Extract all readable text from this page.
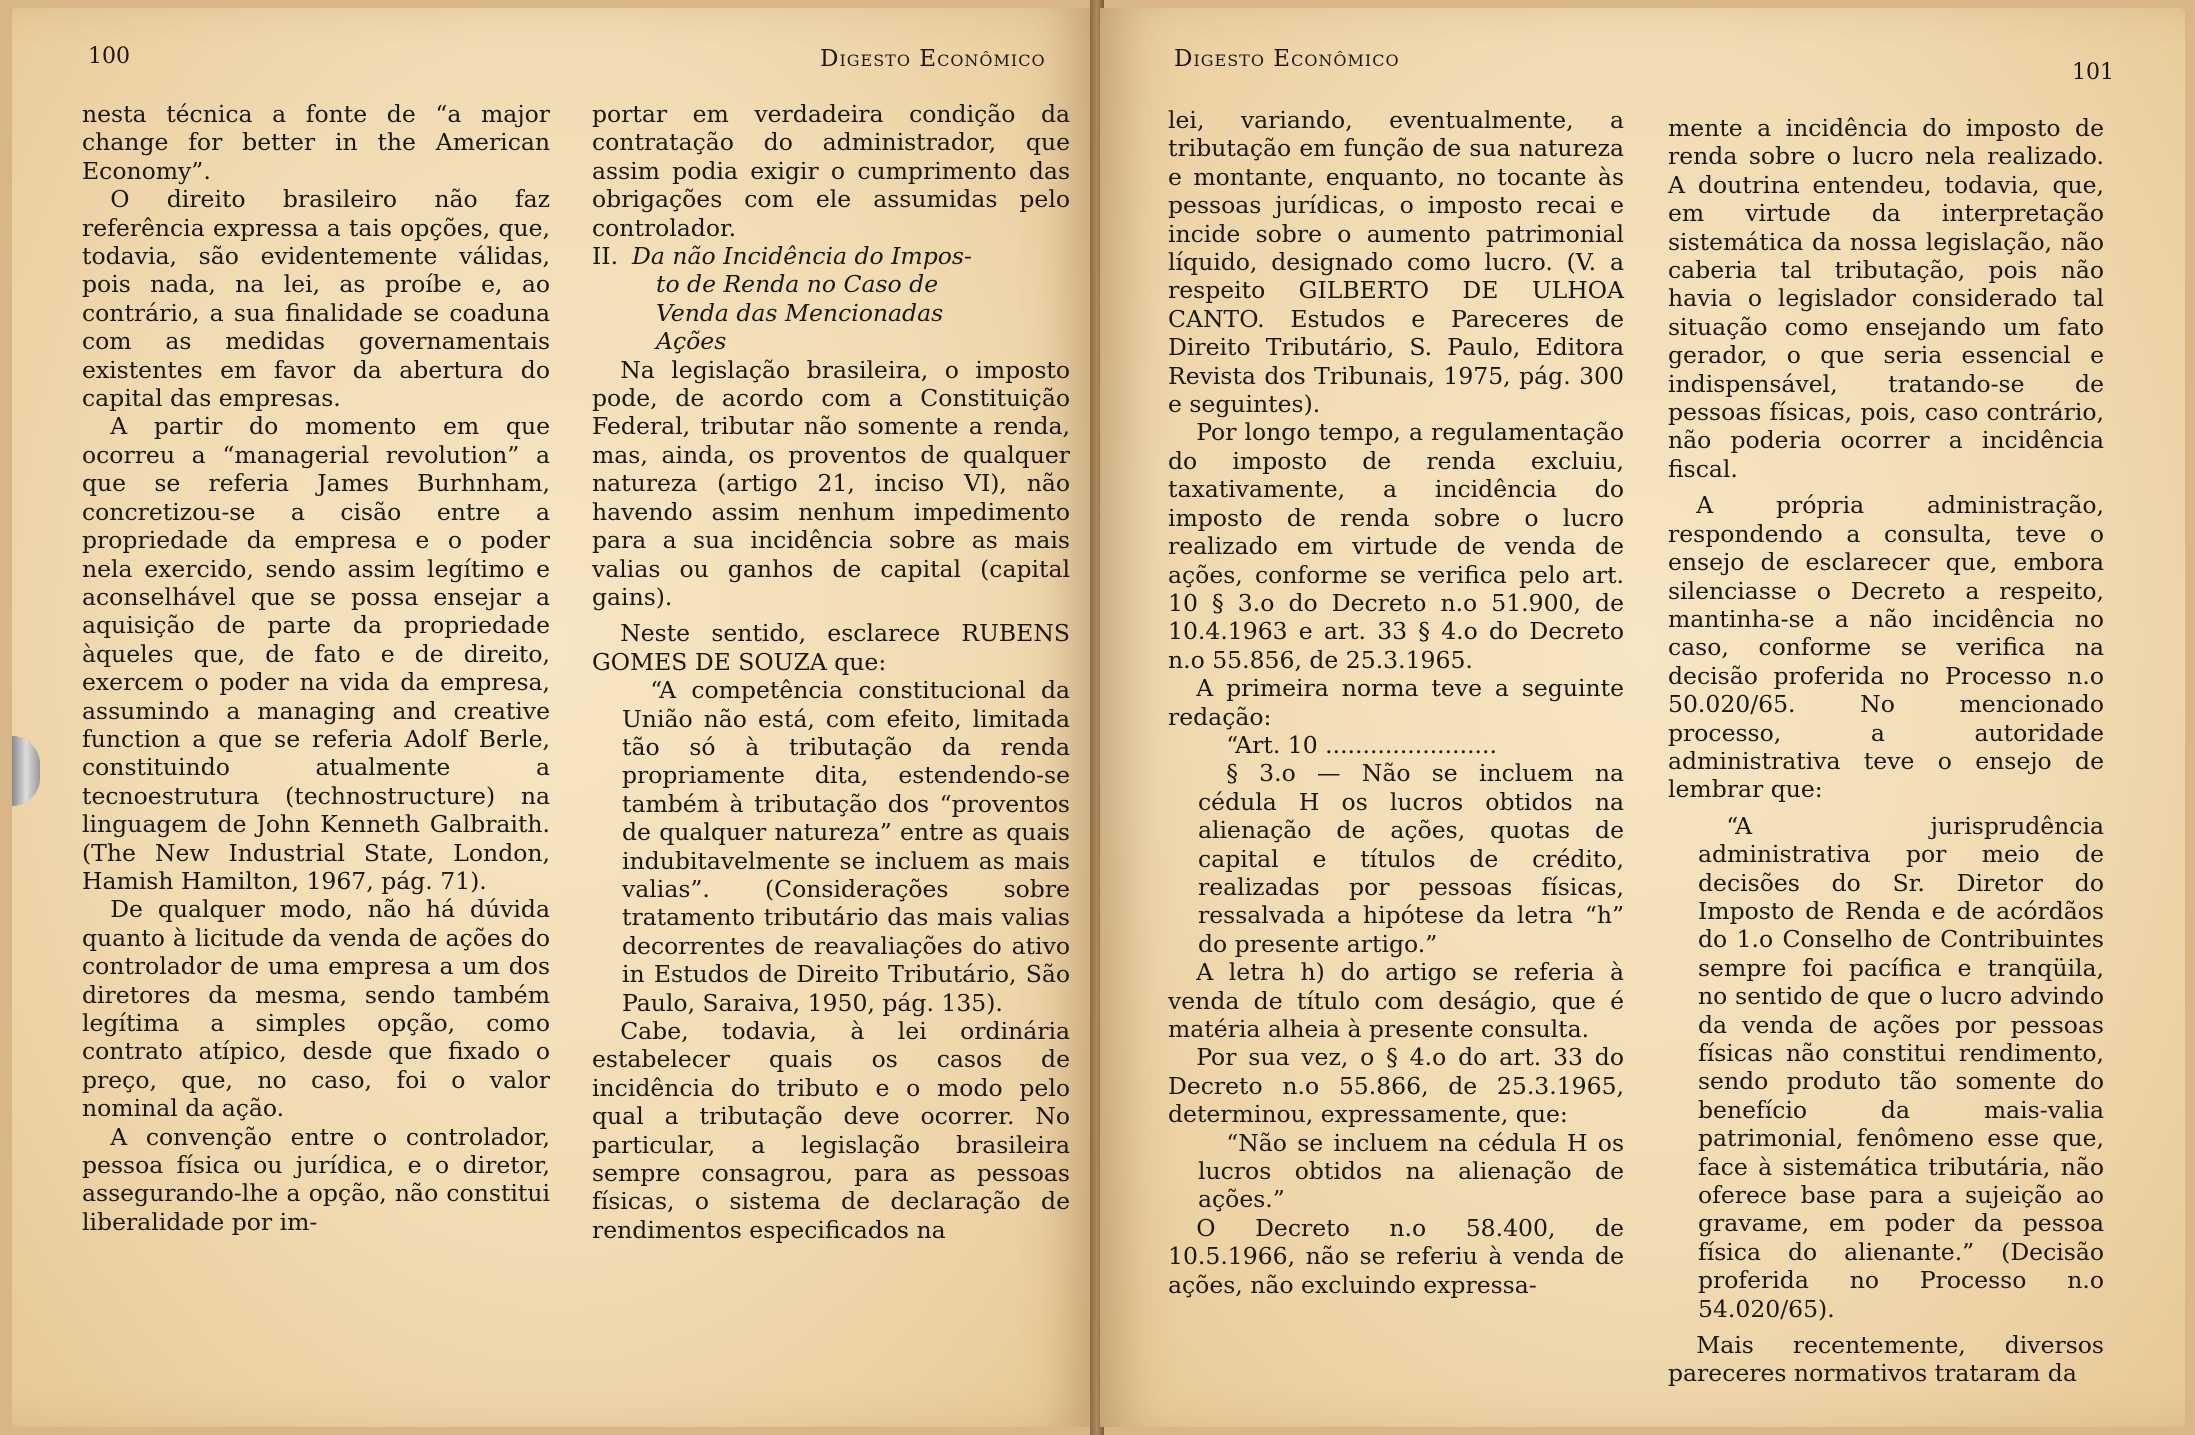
100	Digesto Econômico

nesta técnica a fonte de “a major change for better in the American Economy”.

O direito brasileiro não faz referência expressa a tais opções, que, todavia, são evidentemente válidas, pois nada, na lei, as proíbe e, ao contrário, a sua finalidade se coaduna com as medidas governamentais existentes em favor da abertura do capital das empresas.

A partir do momento em que ocorreu a “managerial revolution” a que se referia James Burhnham, concretizou-se a cisão entre a propriedade da empresa e o poder nela exercido, sendo assim legítimo e aconselhável que se possa ensejar a aquisição de parte da propriedade àqueles que, de fato e de direito, exercem o poder na vida da empresa, assumindo a managing and creative function a que se referia Adolf Berle, constituindo atualmente a tecnoestrutura (technostructure) na linguagem de John Kenneth Galbraith. (The New Industrial State, London, Hamish Hamilton, 1967, pág. 71).

De qualquer modo, não há dúvida quanto à licitude da venda de ações do controlador de uma empresa a um dos diretores da mesma, sendo também legítima a simples opção, como contrato atípico, desde que fixado o preço, que, no caso, foi o valor nominal da ação.

A convenção entre o controlador, pessoa física ou jurídica, e o diretor, assegurando-lhe a opção, não constitui liberalidade por im-

portar em verdadeira condição da contratação do administrador, que assim podia exigir o cumprimento das obrigações com ele assumidas pelo controlador.

II. Da não Incidência do Impos-

to de Renda no Caso de

Venda das Mencionadas

Ações

Na legislação brasileira, o imposto pode, de acordo com a Constituição Federal, tributar não somente a renda, mas, ainda, os proventos de qualquer natureza (artigo 21, inciso VI), não havendo assim nenhum impedimento para a sua incidência sobre as mais valias ou ganhos de capital (capital gains).

Neste sentido, esclarece RUBENS GOMES DE SOUZA que:

“A competência constitucional da União não está, com efeito, limitada tão só à tributação da renda propriamente dita, estendendo-se também à tributação dos “proventos de qualquer natureza” entre as quais indubitavelmente se incluem as mais valias”. (Considerações sobre tratamento tributário das mais valias decorrentes de reavaliações do ativo in Estudos de Direito Tributário, São Paulo, Saraiva, 1950, pág. 135).

Cabe, todavia, à lei ordinária estabelecer quais os casos de incidência do tributo e o modo pelo qual a tributação deve ocorrer. No particular, a legislação brasileira sempre consagrou, para as pessoas físicas, o sistema de declaração de rendimentos especificados na

Digesto Econômico
101

lei, variando, eventualmente, a tributação em função de sua natureza e montante, enquanto, no tocante às pessoas jurídicas, o imposto recai e incide sobre o aumento patrimonial líquido, designado como lucro. (V. a respeito GILBERTO DE ULHOA CANTO. Estudos e Pareceres de Direito Tributário, S. Paulo, Editora Revista dos Tribunais, 1975, pág. 300 e seguintes).

Por longo tempo, a regulamentação do imposto de renda excluiu, taxativamente, a incidência do imposto de renda sobre o lucro realizado em virtude de venda de ações, conforme se verifica pelo art. 10 § 3.o do Decreto n.o 51.900, de 10.4.1963 e art. 33 § 4.o do Decreto n.o 55.856, de 25.3.1965.

A primeira norma teve a seguinte redação:

“Art. 10 .......................

§ 3.o — Não se incluem na cédula H os lucros obtidos na alienação de ações, quotas de capital e títulos de crédito, realizadas por pessoas físicas, ressalvada a hipótese da letra “h” do presente artigo.”

A letra h) do artigo se referia à venda de título com deságio, que é matéria alheia à presente consulta.

Por sua vez, o § 4.o do art. 33 do Decreto n.o 55.866, de 25.3.1965, determinou, expressamente, que:

“Não se incluem na cédula H os lucros obtidos na alienação de ações.”

O Decreto n.o 58.400, de 10.5.1966, não se referiu à venda de ações, não excluindo expressa-

mente a incidência do imposto de renda sobre o lucro nela realizado. A doutrina entendeu, todavia, que, em virtude da interpretação sistemática da nossa legislação, não caberia tal tributação, pois não havia o legislador considerado tal situação como ensejando um fato gerador, o que seria essencial e indispensável, tratando-se de pessoas físicas, pois, caso contrário, não poderia ocorrer a incidência fiscal.

A própria administração, respondendo a consulta, teve o ensejo de esclarecer que, embora silenciasse o Decreto a respeito, mantinha-se a não incidência no caso, conforme se verifica na decisão proferida no Processo n.o 50.020/65. No mencionado processo, a autoridade administrativa teve o ensejo de lembrar que:

“A jurisprudência administrativa por meio de decisões do Sr. Diretor do Imposto de Renda e de acórdãos do 1.o Conselho de Contribuintes sempre foi pacífica e tranqüila, no sentido de que o lucro advindo da venda de ações por pessoas físicas não constitui rendimento, sendo produto tão somente do benefício da mais-valia patrimonial, fenômeno esse que, face à sistemática tributária, não oferece base para a sujeição ao gravame, em poder da pessoa física do alienante.” (Decisão proferida no Processo n.o 54.020/65).

Mais recentemente, diversos pareceres normativos trataram da
